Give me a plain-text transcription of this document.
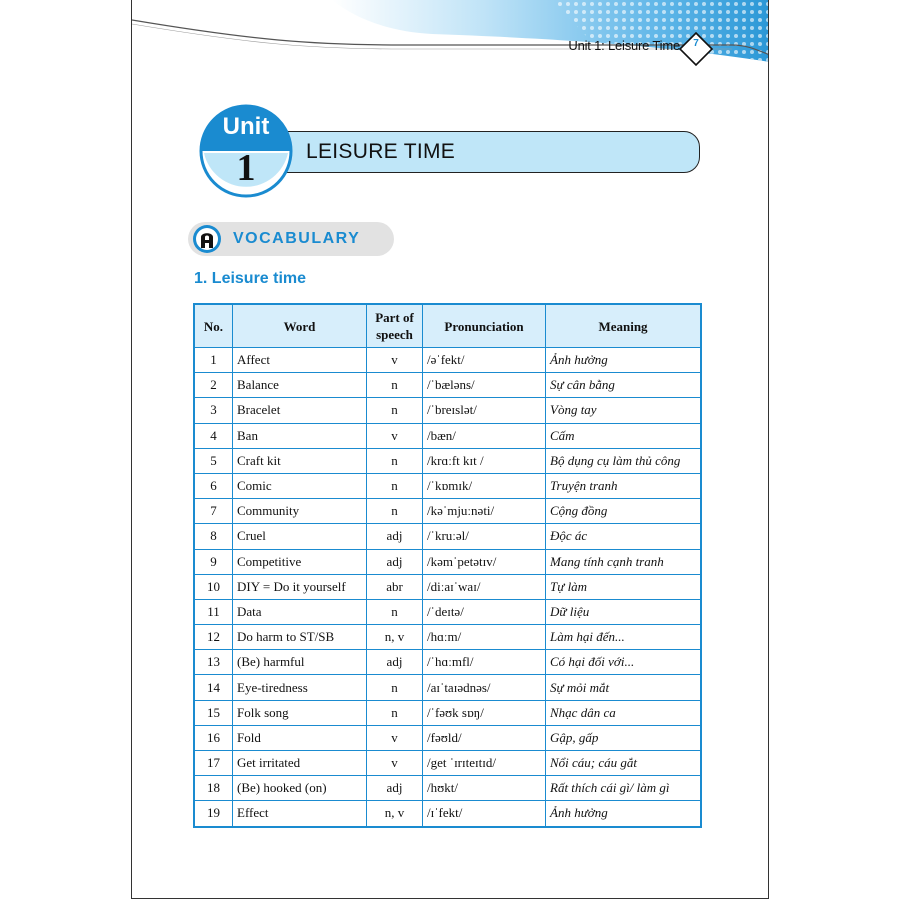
Unit 1: Leisure Time	7
LEISURE TIME
Unit
1
VOCABULARY
1. Leisure time
No.	Word	Part of speech	Pronunciation	Meaning
1	Affect	v	/əˈfekt/	Ảnh hưởng
2	Balance	n	/ˈbæləns/	Sự cân bằng
3	Bracelet	n	/ˈbreɪslət/	Vòng tay
4	Ban	v	/bæn/	Cấm
5	Craft kit	n	/krɑːft kɪt /	Bộ dụng cụ làm thủ công
6	Comic	n	/ˈkɒmɪk/	Truyện tranh
7	Community	n	/kəˈmjuːnəti/	Cộng đồng
8	Cruel	adj	/ˈkruːəl/	Độc ác
9	Competitive	adj	/kəmˈpetətɪv/	Mang tính cạnh tranh
10	DIY = Do it yourself	abr	/diːaɪˈwaɪ/	Tự làm
11	Data	n	/ˈdeɪtə/	Dữ liệu
12	Do harm to ST/SB	n, v	/hɑːm/	Làm hại đến...
13	(Be) harmful	adj	/ˈhɑːmfl/	Có hại đối với...
14	Eye-tiredness	n	/aɪˈtaɪədnəs/	Sự mỏi mắt
15	Folk song	n	/ˈfəʊk sɒŋ/	Nhạc dân ca
16	Fold	v	/fəʊld/	Gập, gấp
17	Get irritated	v	/get ˈɪrɪteɪtɪd/	Nổi cáu; cáu gắt
18	(Be) hooked (on)	adj	/hʊkt/	Rất thích cái gì/ làm gì
19	Effect	n, v	/ɪˈfekt/	Ảnh hưởng
